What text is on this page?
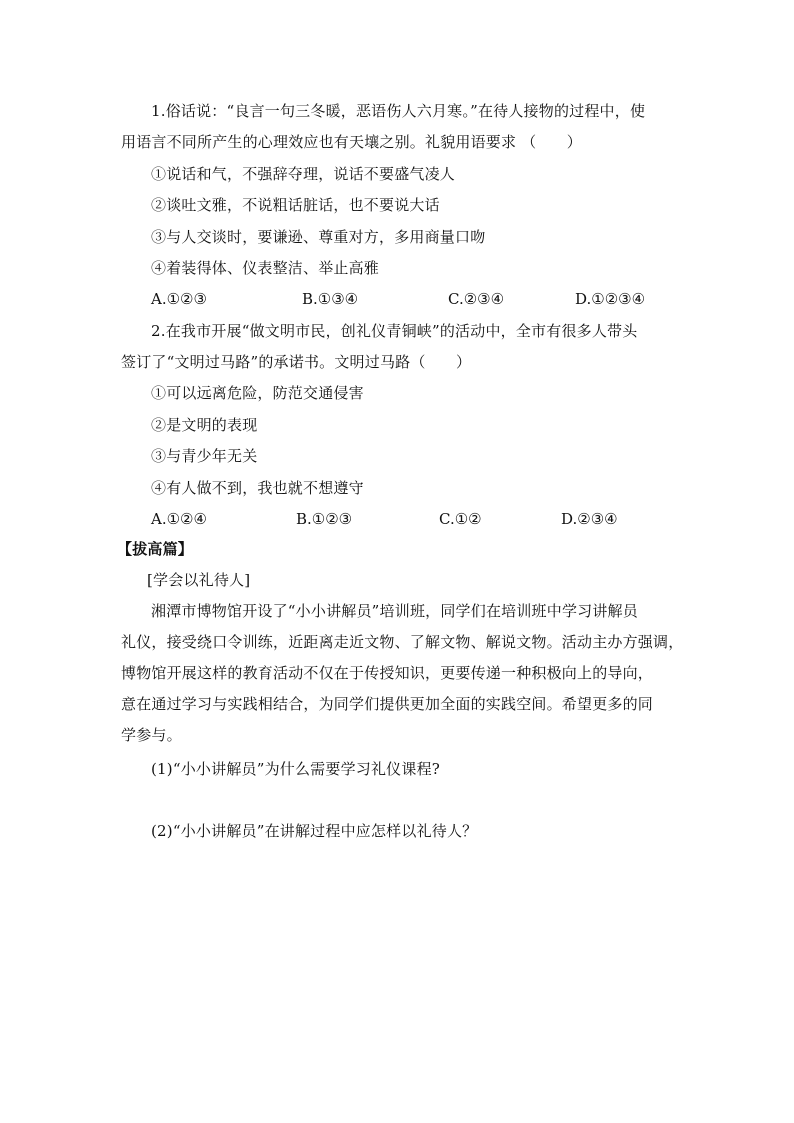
1.俗话说：“良言一句三冬暖，恶语伤人六月寒。”在待人接物的过程中，使
用语言不同所产生的心理效应也有天壤之别。礼貌用语要求 （　　）
①说话和气，不强辞夺理，说话不要盛气凌人
②谈吐文雅，不说粗话脏话，也不要说大话
③与人交谈时，要谦逊、尊重对方，多用商量口吻
④着装得体、仪表整洁、举止高雅
A.①②③	B.①③④	C.②③④	D.①②③④
2.在我市开展“做文明市民，创礼仪青铜峡”的活动中，全市有很多人带头
签订了“文明过马路”的承诺书。文明过马路（　　）
①可以远离危险，防范交通侵害
②是文明的表现
③与青少年无关
④有人做不到，我也就不想遵守
A.①②④	B.①②③	C.①②	D.②③④
【拔高篇】
[学会以礼待人]
湘潭市博物馆开设了“小小讲解员”培训班，同学们在培训班中学习讲解员
礼仪，接受绕口令训练，近距离走近文物、了解文物、解说文物。活动主办方强调，
博物馆开展这样的教育活动不仅在于传授知识，更要传递一种积极向上的导向，
意在通过学习与实践相结合，为同学们提供更加全面的实践空间。希望更多的同
学参与。
(1)“小小讲解员”为什么需要学习礼仪课程?
(2)“小小讲解员”在讲解过程中应怎样以礼待人？
